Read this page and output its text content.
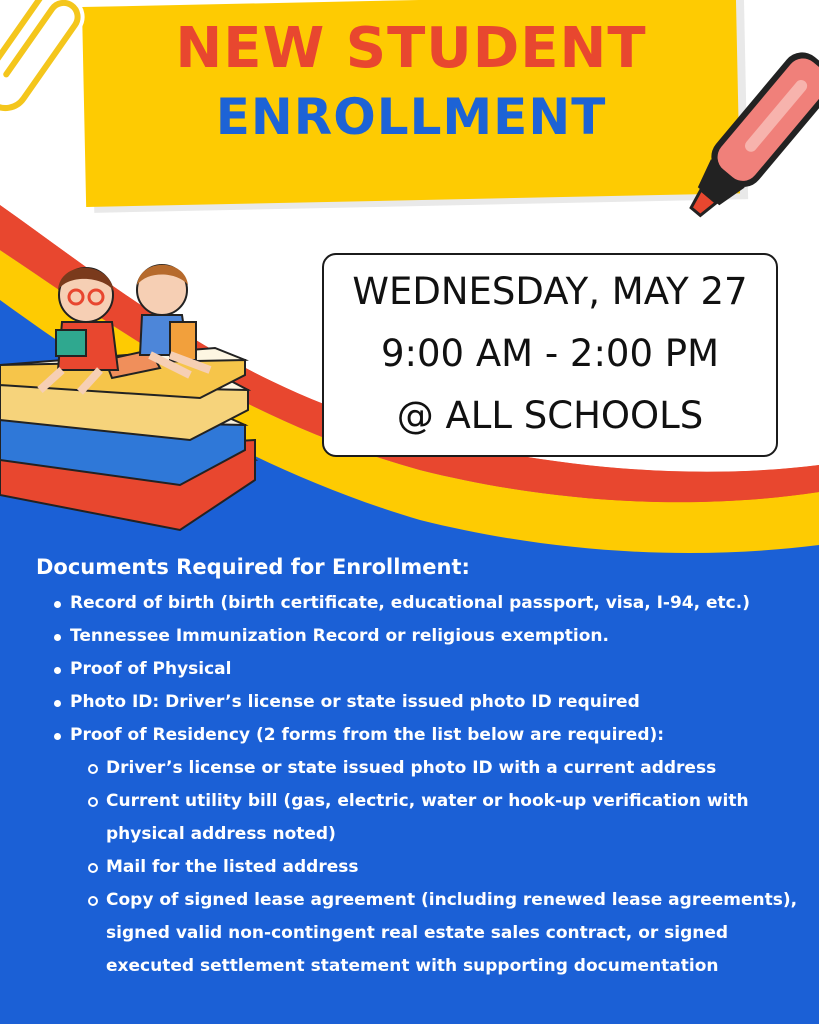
NEW STUDENT
ENROLLMENT
WEDNESDAY, MAY 27
9:00 AM - 2:00 PM
@ ALL SCHOOLS
Documents Required for Enrollment:
Record of birth (birth certificate, educational passport, visa, I-94, etc.)
Tennessee Immunization Record or religious exemption.
Proof of Physical
Photo ID: Driver’s license or state issued photo ID required
Proof of Residency (2 forms from the list below are required):
Driver’s license or state issued photo ID with a current address
Current utility bill (gas, electric, water or hook-up verification with physical address noted)
Mail for the listed address
Copy of signed lease agreement (including renewed lease agreements), signed valid non-contingent real estate sales contract, or signed executed settlement statement with supporting documentation
